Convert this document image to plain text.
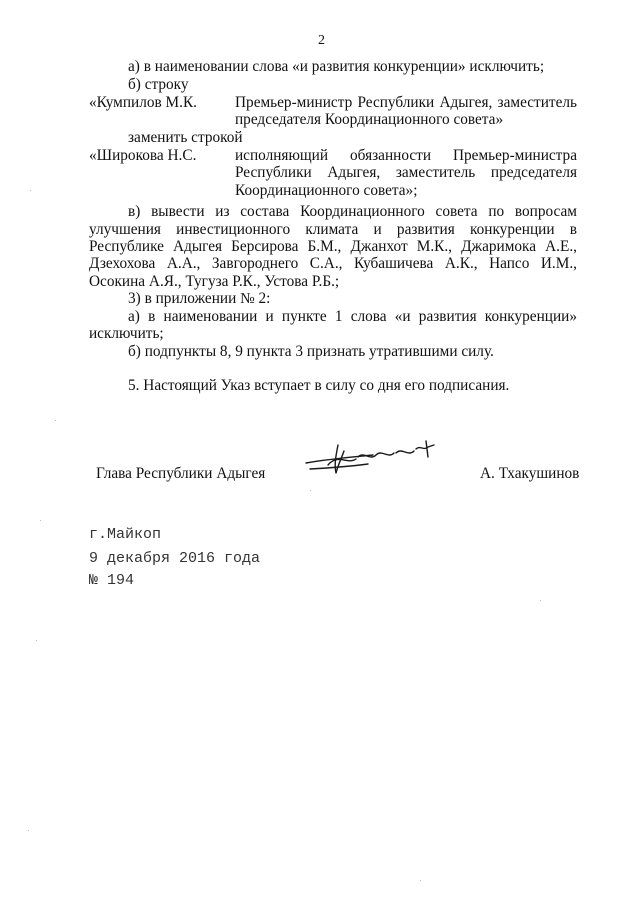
2
а) в наименовании слова «и развития конкуренции» исключить;
б) строку
«Кумпилов М.К. Премьер-министр Республики Адыгея, заместитель
председателя Координационного совета»
заменить строкой
«Широкова Н.С.	исполняющий обязанности Премьер-министра
Республики Адыгея, заместитель председателя
Координационного совета»;
в) вывести из состава Координационного совета по вопросам
улучшения инвестиционного климата и развития конкуренции в
Республике Адыгея Берсирова Б.М., Джанхот М.К., Джаримока А.Е.,
Дзехохова А.А., Завгороднего С.А., Кубашичева А.К., Напсо И.М.,
Осокина А.Я., Тугуза Р.К., Устова Р.Б.;
3) в приложении № 2:
а) в наименовании и пункте 1 слова «и развития конкуренции»
исключить;
б) подпункты 8, 9 пункта 3 признать утратившими силу.
5. Настоящий Указ вступает в силу со дня его подписания.
Глава Республики Адыгея	А. Тхакушинов
г.Майкоп
9 декабря 2016 года
№ 194
